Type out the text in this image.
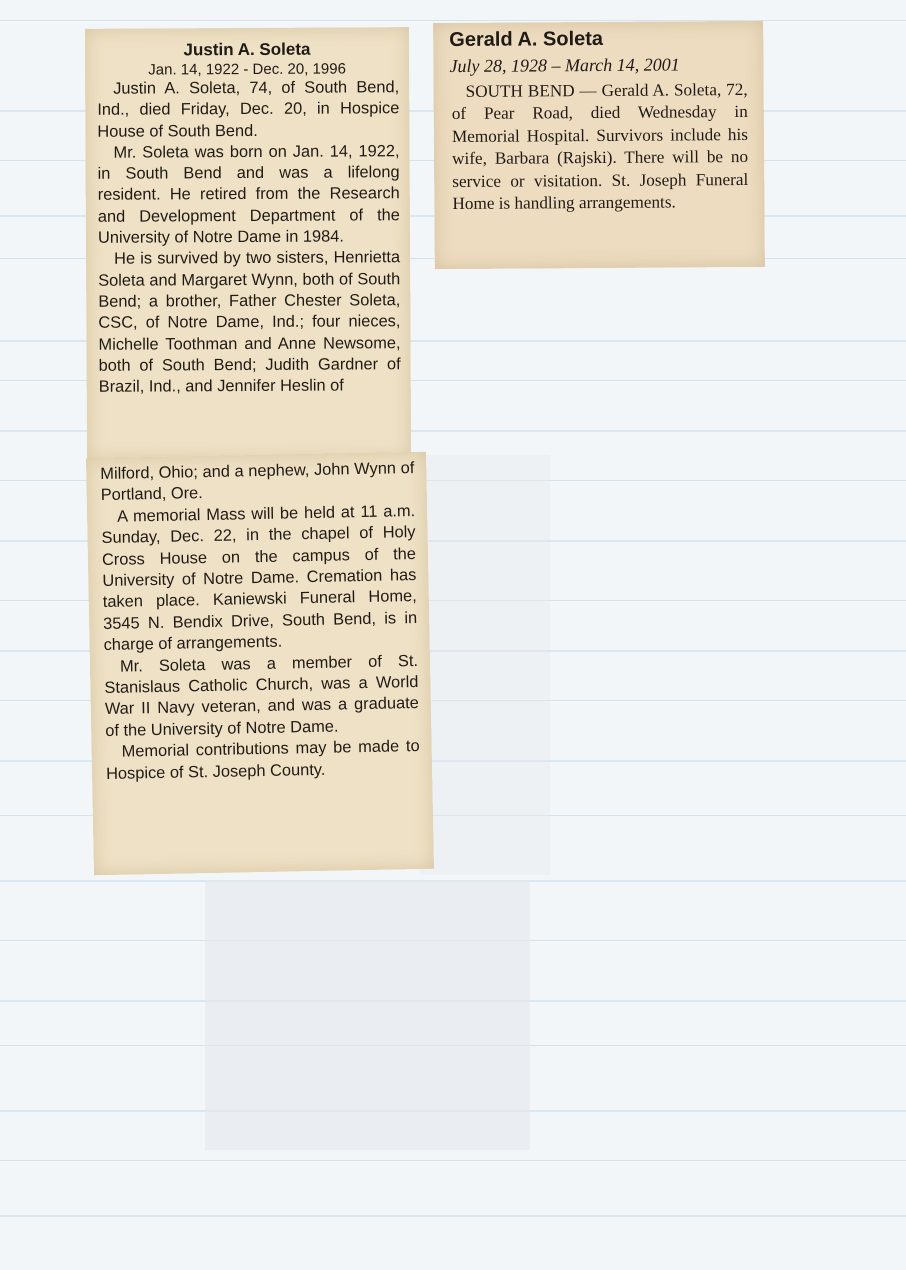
Justin A. Soleta
Jan. 14, 1922 - Dec. 20, 1996

Justin A. Soleta, 74, of South Bend, Ind., died Friday, Dec. 20, in Hospice House of South Bend.

Mr. Soleta was born on Jan. 14, 1922, in South Bend and was a lifelong resident. He retired from the Research and Development Department of the University of Notre Dame in 1984.

He is survived by two sisters, Henrietta Soleta and Margaret Wynn, both of South Bend; a brother, Father Chester Soleta, CSC, of Notre Dame, Ind.; four nieces, Michelle Toothman and Anne Newsome, both of South Bend; Judith Gardner of Brazil, Ind., and Jennifer Heslin of

Milford, Ohio; and a nephew, John Wynn of Portland, Ore.

A memorial Mass will be held at 11 a.m. Sunday, Dec. 22, in the chapel of Holy Cross House on the campus of the University of Notre Dame. Cremation has taken place. Kaniewski Funeral Home, 3545 N. Bendix Drive, South Bend, is in charge of arrangements.

Mr. Soleta was a member of St. Stanislaus Catholic Church, was a World War II Navy veteran, and was a graduate of the University of Notre Dame.

Memorial contributions may be made to Hospice of St. Joseph County.

Gerald A. Soleta
July 28, 1928 – March 14, 2001

SOUTH BEND — Gerald A. Soleta, 72, of Pear Road, died Wednesday in Memorial Hospital. Survivors include his wife, Barbara (Rajski). There will be no service or visitation. St. Joseph Funeral Home is handling arrangements.
